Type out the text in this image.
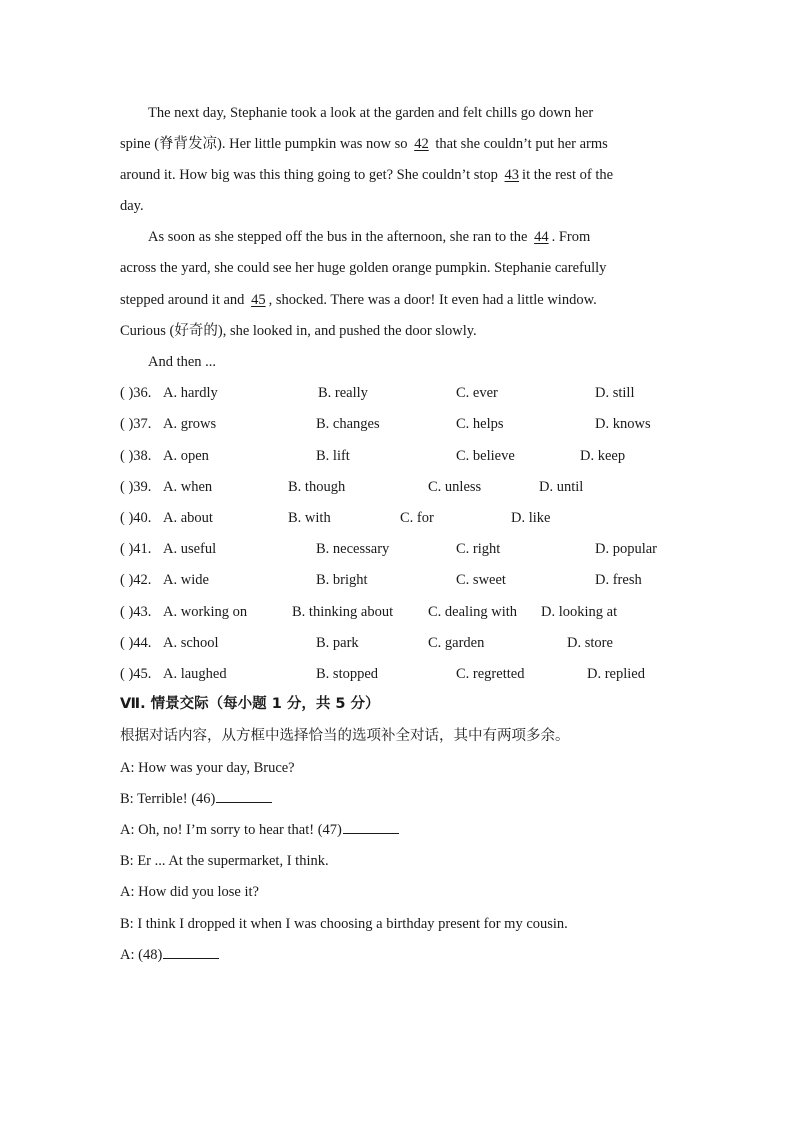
The next day, Stephanie took a look at the garden and felt chills go down her
spine (脊背发凉). Her little pumpkin was now so 42 that she couldn’t put her arms
around it. How big was this thing going to get? She couldn’t stop 43 it the rest of the
day.
As soon as she stepped off the bus in the afternoon, she ran to the 44 . From
across the yard, she could see her huge golden orange pumpkin. Stephanie carefully
stepped around it and 45 , shocked. There was a door! It even had a little window.
Curious (好奇的), she looked in, and pushed the door slowly.
And then ...
( )36. A. hardly	B. really	C. ever	D. still
( )37. A. grows	B. changes	C. helps	D. knows
( )38. A. open	B. lift	C. believe	D. keep
( )39. A. when	B. though	C. unless	D. until
( )40. A. about	B. with	C. for	D. like
( )41. A. useful	B. necessary	C. right	D. popular
( )42. A. wide	B. bright	C. sweet	D. fresh
( )43. A. working on	B. thinking about C. dealing with D. looking at
( )44. A. school	B. park	C. garden	D. store
( )45. A. laughed	B. stopped	C. regretted	D. replied
Ⅶ. 情景交际（每小题 1 分，共 5 分）
根据对话内容，从方框中选择恰当的选项补全对话，其中有两项多余。
A: How was your day, Bruce?
B: Terrible! (46)
A: Oh, no! I’m sorry to hear that! (47)
B: Er ... At the supermarket, I think.
A: How did you lose it?
B: I think I dropped it when I was choosing a birthday present for my cousin.
A: (48)
